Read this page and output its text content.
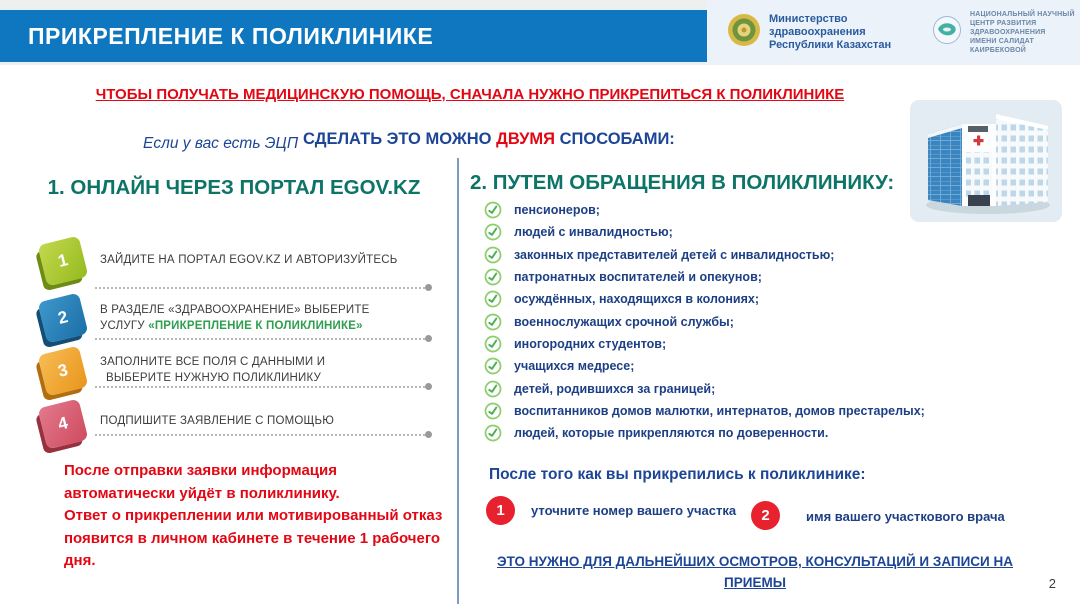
Министерство здравоохранения
Республики Казахстан
НАЦИОНАЛЬНЫЙ НАУЧНЫЙ
ЦЕНТР РАЗВИТИЯ ЗДРАВООХРАНЕНИЯ
ИМЕНИ САЛИДАТ КАИРБЕКОВОЙ
ПРИКРЕПЛЕНИЕ К ПОЛИКЛИНИКЕ
ЧТОБЫ ПОЛУЧАТЬ МЕДИЦИНСКУЮ ПОМОЩЬ, СНАЧАЛА НУЖНО ПРИКРЕПИТЬСЯ К ПОЛИКЛИНИКЕ
Если у вас есть ЭЦП СДЕЛАТЬ ЭТО МОЖНО ДВУМЯ СПОСОБАМИ:
1. ОНЛАЙН ЧЕРЕЗ ПОРТАЛ EGOV.KZ
1	ЗАЙДИТЕ НА ПОРТАЛ EGOV.KZ И АВТОРИЗУЙТЕСЬ
2	В РАЗДЕЛЕ «ЗДРАВООХРАНЕНИЕ» ВЫБЕРИТЕ
УСЛУГУ «ПРИКРЕПЛЕНИЕ К ПОЛИКЛИНИКЕ»
3	ЗАПОЛНИТЕ ВСЕ ПОЛЯ С ДАННЫМИ И
ВЫБЕРИТЕ НУЖНУЮ ПОЛИКЛИНИКУ
4	ПОДПИШИТЕ ЗАЯВЛЕНИЕ С ПОМОЩЬЮ
После отправки заявки информация
автоматически уйдёт в поликлинику.
Ответ о прикреплении или мотивированный отказ
появится в личном кабинете в течение 1 рабочего
дня.
2. ПУТЕМ ОБРАЩЕНИЯ В ПОЛИКЛИНИКУ:
пенсионеров;
людей с инвалидностью;
законных представителей детей с инвалидностью;
патронатных воспитателей и опекунов;
осуждённых, находящихся в колониях;
военнослужащих срочной службы;
иногородних студентов;
учащихся медресе;
детей, родившихся за границей;
воспитанников домов малютки, интернатов, домов престарелых;
людей, которые прикрепляются по доверенности.
После того как вы прикрепились к поликлинике:
1 уточните номер вашего участка 2	имя вашего участкового врача
ЭТО НУЖНО ДЛЯ ДАЛЬНЕЙШИХ ОСМОТРОВ, КОНСУЛЬТАЦИЙ И ЗАПИСИ НА
ПРИЕМЫ	2
